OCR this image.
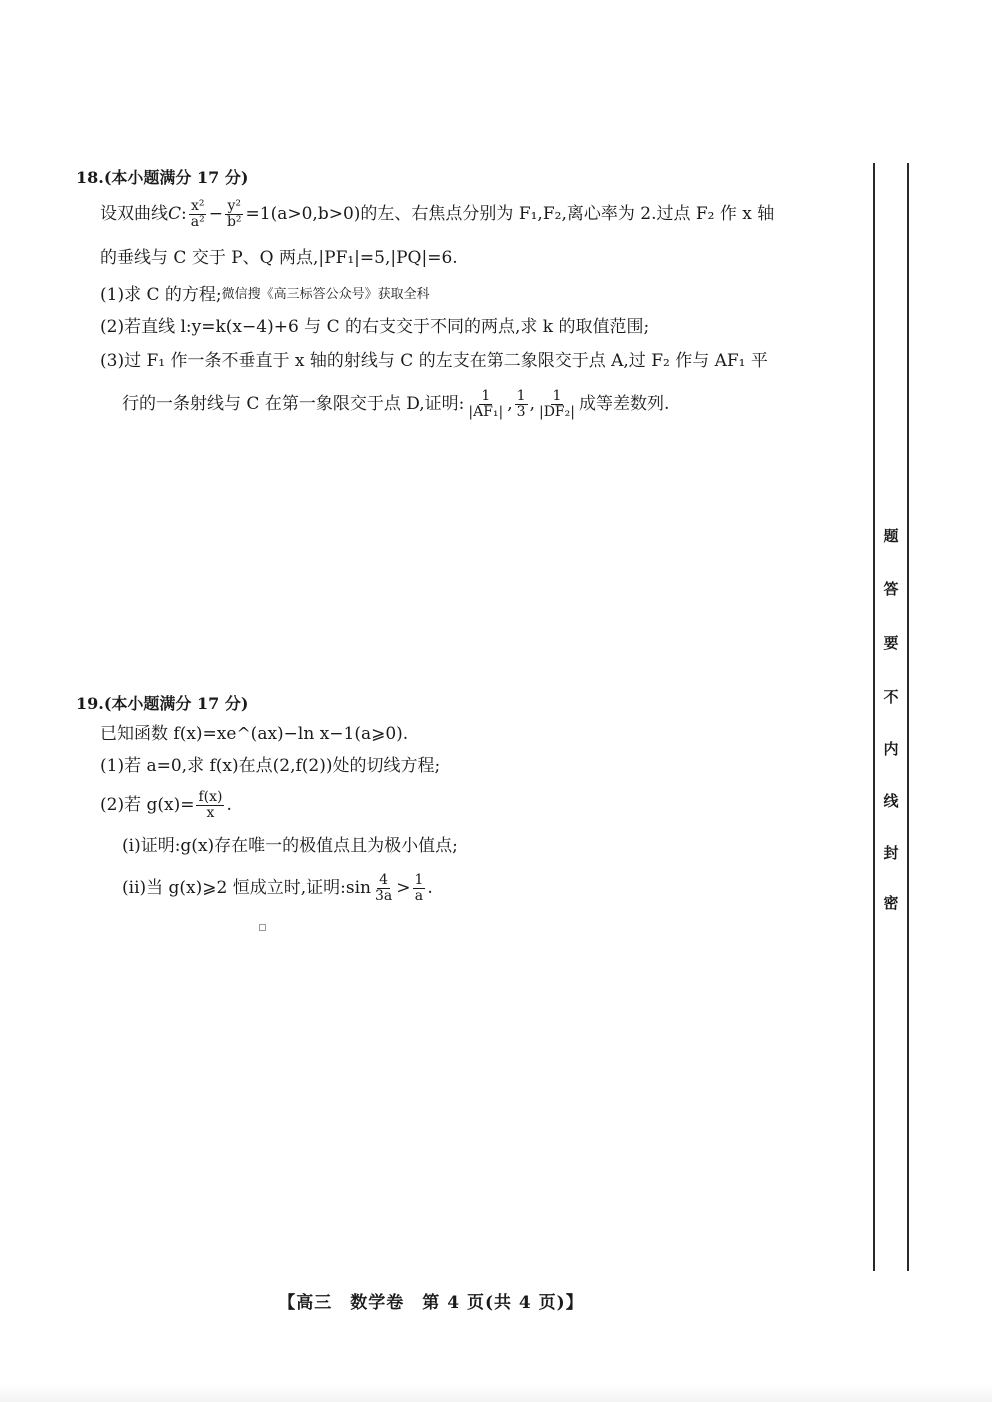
18.(本小题满分 17 分)
设双曲线 C : $\frac{\text{x²}}{\text{a²}} - \frac{\text{y²}}{\text{b²}} =1(a>0,b>0)$的左、右焦点分别为 F₁,F₂,离心率为 2.过点 F₂ 作 x 轴
的垂线与 C 交于 P、Q 两点,|PF₁|=5,|PQ|=6.
(1)求 C 的方程; 微信搜《高三标答公众号》获取全科
(2)若直线 l:y=k(x−4)+6 与 C 的右支交于不同的两点,求 k 的取值范围;
(3)过 F₁ 作一条不垂直于 x 轴的射线与 C 的左支在第二象限交于点 A,过 F₂ 作与 AF₁ 平
行的一条射线与 C 在第一象限交于点 D,证明: $\frac{1}{\text{|AF₁|}}$ , $\frac{1}{3}$ , $\frac{1}{\text{|DF₂|}}$ 成等差数列.
19.(本小题满分 17 分)
已知函数 f(x)=xe^(ax)−ln x−1(a⩾0).
(1)若 a=0,求 f(x)在点(2,f(2))处的切线方程;
(2)若 $g(x)= \frac{f(x)}{x}$ .
(i)证明:g(x)存在唯一的极值点且为极小值点;
(ii)当 g(x)⩾2 恒成立时,证明:sin $\frac{4}{3a} > \frac{1}{a}$ .
题
答
要
不
内
线
封
密
【高三　数学卷　第 4 页(共 4 页)】
